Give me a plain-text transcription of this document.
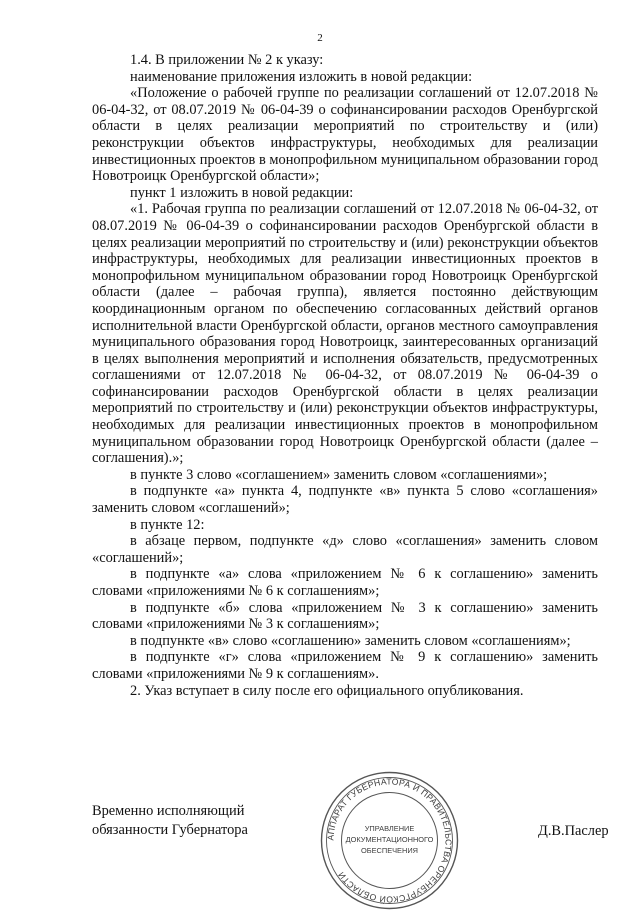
2

1.4. В приложении № 2 к указу:

наименование приложения изложить в новой редакции:

«Положение о рабочей группе по реализации соглашений от 12.07.2018 № 06-04-32, от 08.07.2019 № 06-04-39 о софинансировании расходов Оренбургской области в целях реализации мероприятий по строительству и (или) реконструкции объектов инфраструктуры, необходимых для реализации инвестиционных проектов в монопрофильном муниципальном образовании город Новотроицк Оренбургской области»;

пункт 1 изложить в новой редакции:

«1. Рабочая группа по реализации соглашений от 12.07.2018 № 06-04-32, от 08.07.2019 № 06-04-39 о софинансировании расходов Оренбургской области в целях реализации мероприятий по строительству и (или) реконструкции объектов инфраструктуры, необходимых для реализации инвестиционных проектов в монопрофильном муниципальном образовании город Новотроицк Оренбургской области (далее – рабочая группа), является постоянно действующим координационным органом по обеспечению согласованных действий органов исполнительной власти Оренбургской области, органов местного самоуправления муниципального образования город Новотроицк, заинтересованных организаций в целях выполнения мероприятий и исполнения обязательств, предусмотренных соглашениями от 12.07.2018 № 06-04-32, от 08.07.2019 № 06-04-39 о софинансировании расходов Оренбургской области в целях реализации мероприятий по строительству и (или) реконструкции объектов инфраструктуры, необходимых для реализации инвестиционных проектов в монопрофильном муниципальном образовании город Новотроицк Оренбургской области (далее – соглашения).»;

в пункте 3 слово «соглашением» заменить словом «соглашениями»;

в подпункте «а» пункта 4, подпункте «в» пункта 5 слово «соглашения» заменить словом «соглашений»;

в пункте 12:

в абзаце первом, подпункте «д» слово «соглашения» заменить словом «соглашений»;

в подпункте «а» слова «приложением № 6 к соглашению» заменить словами «приложениями № 6 к соглашениям»;

в подпункте «б» слова «приложением № 3 к соглашению» заменить словами «приложениями № 3 к соглашениям»;

в подпункте «в» слово «соглашению» заменить словом «соглашениям»;

в подпункте «г» слова «приложением № 9 к соглашению» заменить словами «приложениями № 9 к соглашениям».

2. Указ вступает в силу после его официального опубликования.

Временно исполняющий
обязанности Губернатора	АППАРАТ ГУБЕРНАТОРА И ПРАВИТЕЛЬСТВА ОРЕНБУРГСКОЙ ОБЛАСТИ
УПРАВЛЕНИЕ
ДОКУМЕНТАЦИОННОГО
ОБЕСПЕЧЕНИЯ
Д.В.Паслер
